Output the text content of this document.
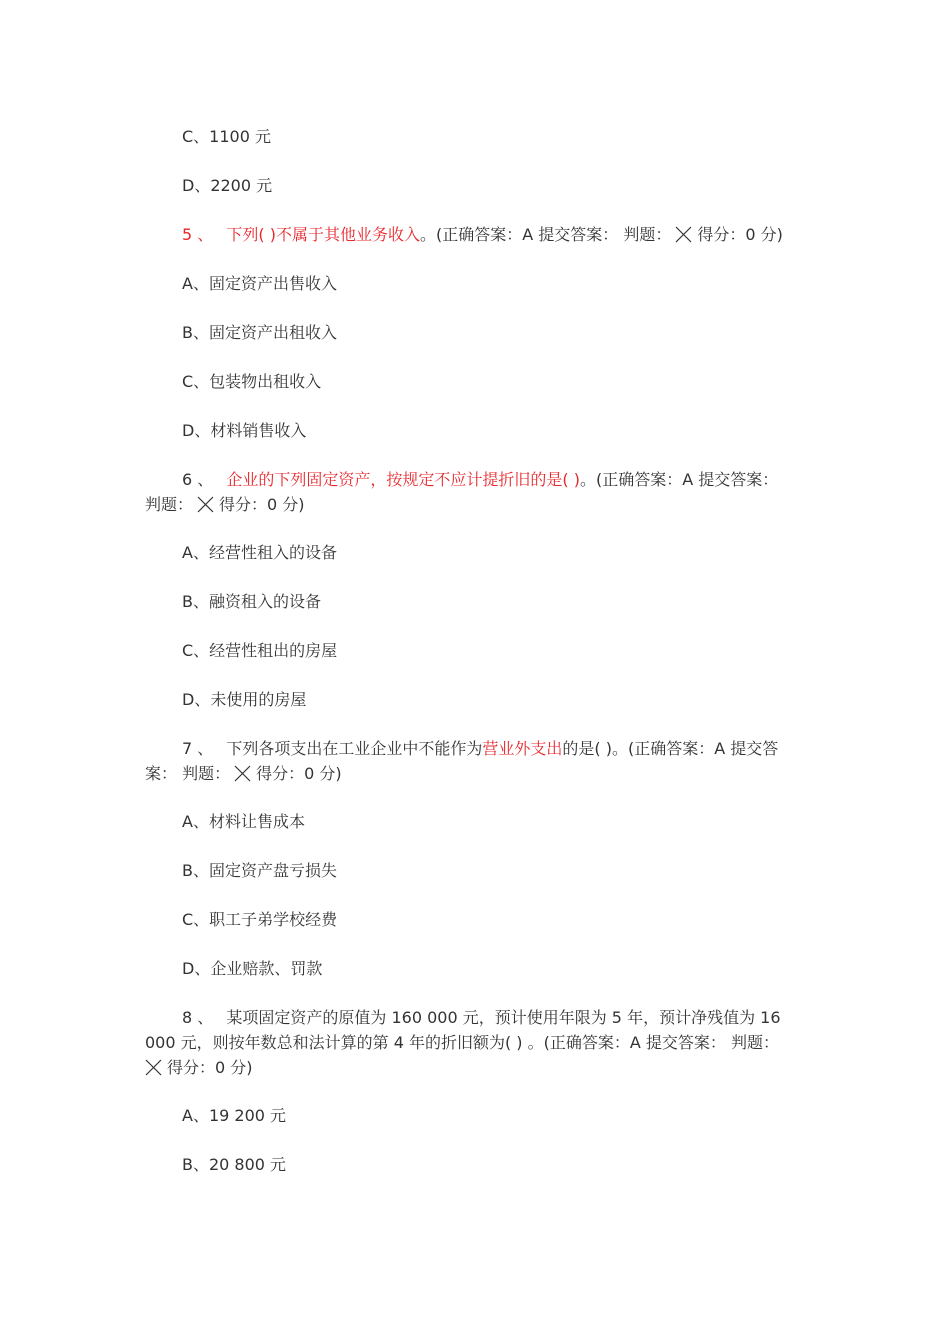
C、1100 元
D、2200 元
5 、 下列( )不属于其他业务收入。(正确答案：A 提交答案： 判题： 得分：0 分)
A、固定资产出售收入
B、固定资产出租收入
C、包装物出租收入
D、材料销售收入
6 、 企业的下列固定资产，按规定不应计提折旧的是( )。(正确答案：A 提交答案：
判题： 得分：0 分)
A、经营性租入的设备
B、融资租入的设备
C、经营性租出的房屋
D、未使用的房屋
7 、 下列各项支出在工业企业中不能作为营业外支出的是( )。(正确答案：A 提交答
案： 判题： 得分：0 分)
A、材料让售成本
B、固定资产盘亏损失
C、职工子弟学校经费
D、企业赔款、罚款
8 、 某项固定资产的原值为 160 000 元，预计使用年限为 5 年，预计净残值为 16
000 元，则按年数总和法计算的第 4 年的折旧额为( ) 。(正确答案：A 提交答案： 判题：
得分：0 分)
A、19 200 元
B、20 800 元
